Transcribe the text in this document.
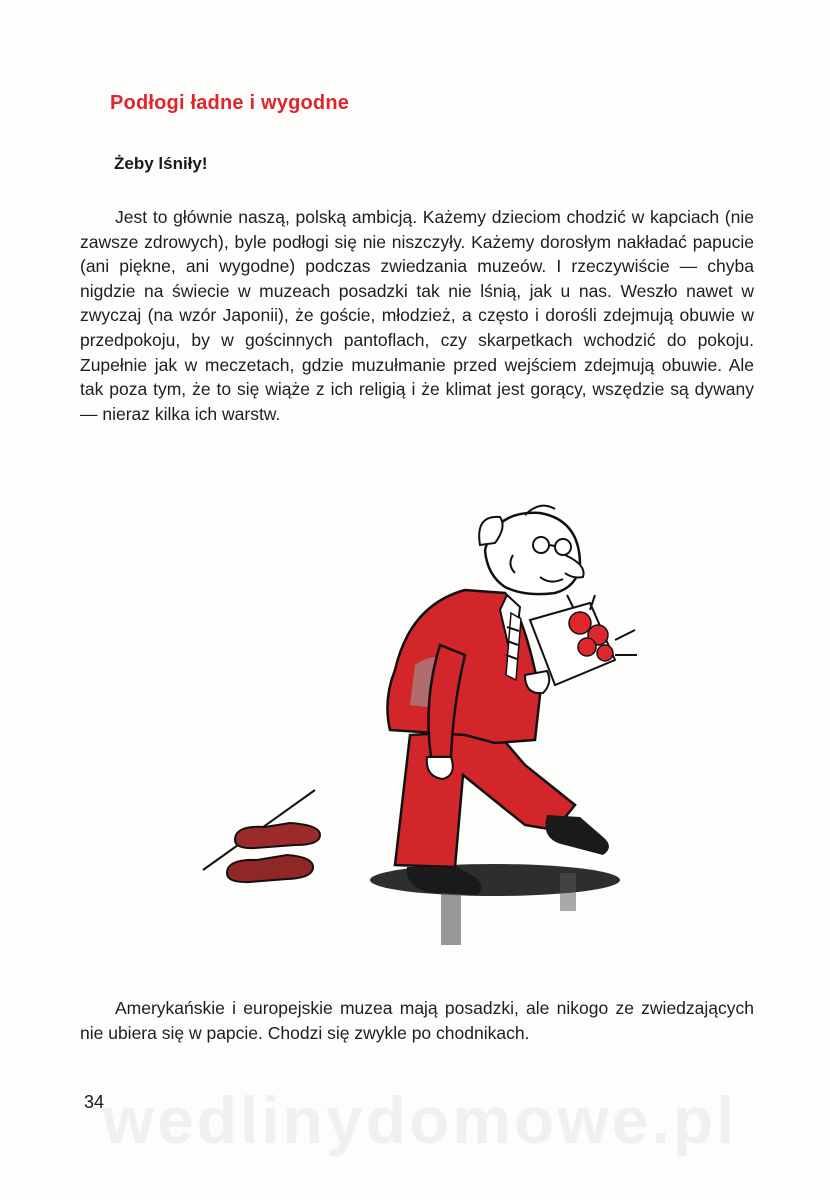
Podłogi ładne i wygodne
Żeby lśniły!

Jest to głównie naszą, polską ambicją. Każemy dzieciom chodzić w kapciach (nie zawsze zdrowych), byle podłogi się nie niszczyły. Każemy dorosłym nakładać papucie (ani piękne, ani wygodne) podczas zwiedzania muzeów. I rzeczywiście — chyba nigdzie na świecie w muzeach posadzki tak nie lśnią, jak u nas. Weszło nawet w zwyczaj (na wzór Japonii), że goście, młodzież, a często i dorośli zdejmują obuwie w przedpokoju, by w gościnnych pantoflach, czy skarpetkach wchodzić do pokoju. Zupełnie jak w meczetach, gdzie muzułmanie przed wejściem zdejmują obuwie. Ale tak poza tym, że to się wiąże z ich religią i że klimat jest gorący, wszędzie są dywany — nieraz kilka ich warstw.

Amerykańskie i europejskie muzea mają posadzki, ale nikogo ze zwiedzających nie ubiera się w papcie. Chodzi się zwykle po chodnikach.

34
wedlinydomowe.pl
